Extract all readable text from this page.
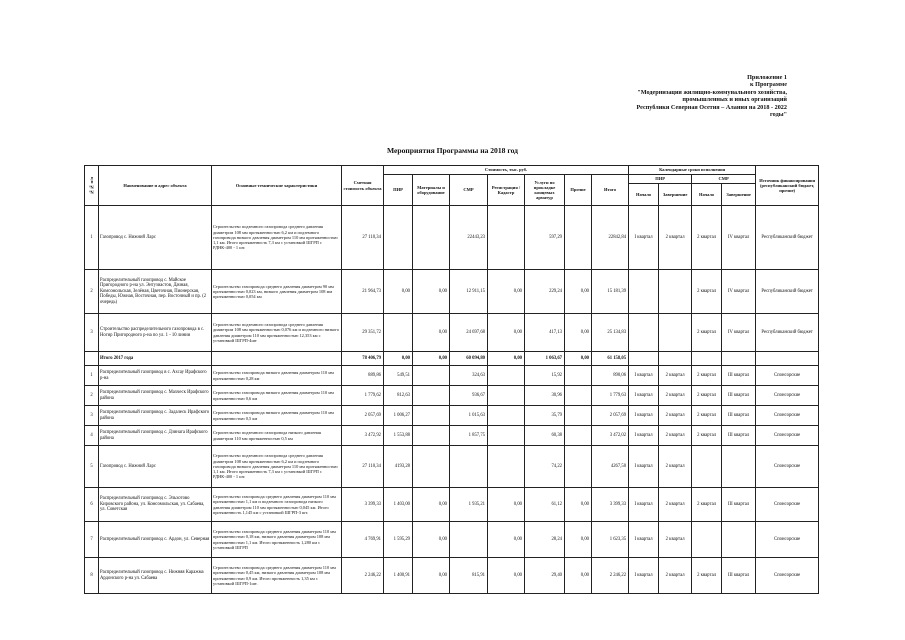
Приложение 1
к Программе
"Модернизация жилищно-коммунального хозяйства,
промышленных и иных организаций
Республики Северная Осетия – Алания на 2018 - 2022
годы"
Мероприятия Программы на 2018 год
№№ п/п	Наименование и адрес объекта	Основные технические характеристики	Сметная стоимость объекта	Стоимость, тыс. руб.							Календарные сроки исполнения				Источник финансирования (республиканский бюджет, прочие)
				ПИР	Материалы и оборудование	СМР	Регистрация /Кадастр	Услуги по прокладке концевых арматур	Прочие	Итого	ПИР		СМР		
											Начало	Завершение	Начало	Завершение	
1	Газопровод с. Нижний Ларс	Строительство подземного газопровода среднего давления диаметром 108 мм протяженностью 6,2 км и подземного газопровода низкого давления диаметром 110 мм протяженностью 1,1 км. Итого протяженность 7,3 км с установкой ШГРП с РДНК-400 - 1 шт.	27 110,34			22443,23		597,29		22842,84	I квартал	2 квартал	2 квартал	IV квартал	Республиканский бюджет
2	Распределительный газопровод с. Майское Пригородного р-на ул. Энтузиастов, Дачная, Комсомольская, Зелёная, Цветочная, Пионерская, Победы, Южная, Восточная, пер. Восточный и пр. (2 очередь)	Строительство газопровода среднего давления диаметром 90 мм протяженностью 0,023 км, низкого давления диаметром 108 мм протяженностью 0,054 км	21 964,73	0,00	0,00	12 911,15	0,00	229,24	0,00	15 181,39			2 квартал	IV квартал	Республиканский бюджет
3	Строительство распределительного газопровода в с. Ногир Пригородного р-на по ул. 1 - 10 линии	Строительство подземного газопровода среднего давления диаметром 108 мм протяженностью 0,076 км и подземного низкого давления диаметром 110 мм протяженностью 12,353 км с установкой ШГРП-4шт	29 351,72		0,00	24 697,68	0,00	417,13	0,00	25 134,83			2 квартал	IV квартал	Республиканский бюджет
	Итого 2017 года		78 406,79	0,00	0,00	60 094,80	0,00	1 063,67	0,00	61 158,05					
1	Распределительный газопровод в с. Ахсау Ирафского р-на	Строительство газопровода низкого давления диаметром 110 мм протяженностью 0,28 км	889,86	549,51		324,63		15,92		890,06	I квартал	2 квартал	2 квартал	III квартал	Спонсорские
2	Распределительный газопровод с. Махческ Ирафского района	Строительство газопровода низкого давления диаметром 110 мм протяженностью 0,6 км	1 779,62	812,63		936,67		30,96		1 779,63	I квартал	2 квартал	2 квартал	III квартал	Спонсорские
3	Распределительный газопровод с. Задалеск Ирафского района	Строительство газопровода низкого давления диаметром 110 мм протяженностью 0,5 км	2 057,69	1 006,27		1 015,63		35,79		2 057,69	I квартал	2 квартал	2 квартал	III квартал	Спонсорские
4	Распределительный газопровод с. Дзинага Ирафского района	Строительство подземного газопровода низкого давления диаметром 110 мм протяженностью 0,5 км	3 472,92	1 553,88		1 857,75		60,38		3 472,02	I квартал	2 квартал	2 квартал	III квартал	Спонсорские
5	Газопровод с. Нижний Ларс	Строительство подземного газопровода среднего давления диаметром 108 мм протяженностью 6,2 км и подземного газопровода низкого давления диаметром 110 мм протяженностью 1,1 км. Итого протяженность 7,3 км с установкой ШГРП с РДНК-400 - 1 шт.	27 110,34	4193,28				74,22		4267,50	I квартал	2 квартал			Спонсорские
6	Распределительный газопровод с. Эльхотово Кировского района, ул. Комсомольская, ул. Сабаева, ул. Советская	Строительство газопровода среднего давления диаметром 110 мм протяженностью 1,1 км и подземного газопровода низкого давления диаметром 110 мм протяженностью 0,045 км. Итого протяженность 1,145 км с установкой ШГРП-3 шт.	3 399,33	1 403,00	0,00	1 935,21	0,00	61,12	0,00	3 399,33	I квартал	2 квартал	2 квартал	III квартал	Спонсорские
7	Распределительный газопровод с. Ардон, ул. Северная	Строительство газопровода среднего давления диаметром 110 мм протяженностью 0,18 км, низкого давления диаметром 108 мм протяженностью 1,1 км. Итого протяженность 1,280 км с установкой ШГРП	4 769,91	1 595,29	0,00		0,00	28,24	0,00	1 623,35	I квартал	2 квартал			Спонсорские
8	Распределительный газопровод с. Нижняя Каражма Ардонского р-на ул. Сабаева	Строительство газопровода среднего давления диаметром 110 мм протяженностью 0,45 км, низкого давления диаметром 108 мм протяженностью 0,9 км. Итого протяженность 1,35 км с установкой ШГРП-1шт.	2 246,22	1 400,91	0,00	815,91	0,00	29,40	0,00	2 246,22	I квартал	2 квартал	2 квартал	III квартал	Спонсорские
